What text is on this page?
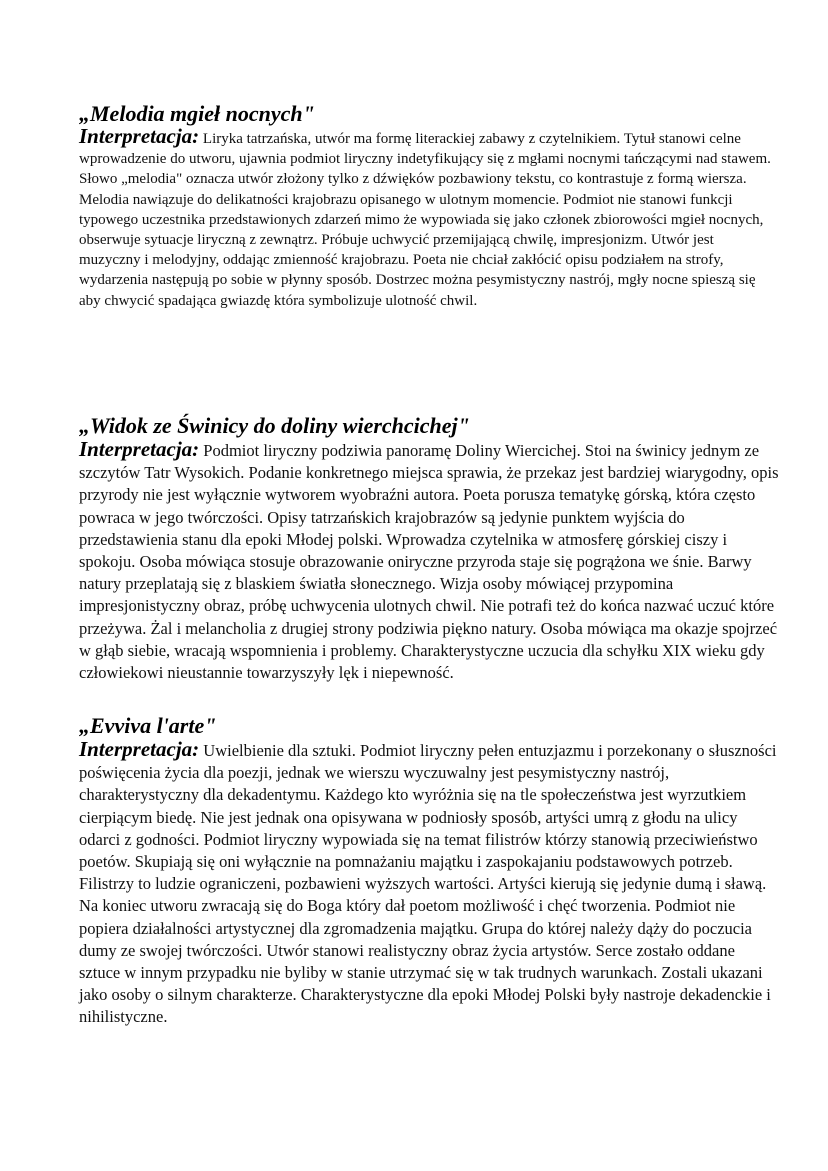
„Melodia mgieł nocnych"

Interpretacja: Liryka tatrzańska, utwór ma formę literackiej zabawy z czytelnikiem. Tytuł stanowi celne wprowadzenie do utworu, ujawnia podmiot liryczny indetyfikujący się z mgłami nocnymi tańczącymi nad stawem. Słowo „melodia" oznacza utwór złożony tylko z dźwięków pozbawiony tekstu, co kontrastuje z formą wiersza. Melodia nawiązuje do delikatności krajobrazu opisanego w ulotnym momencie. Podmiot nie stanowi funkcji typowego uczestnika przedstawionych zdarzeń mimo że wypowiada się jako członek zbiorowości mgieł nocnych, obserwuje sytuacje liryczną z zewnątrz. Próbuje uchwycić przemijającą chwilę, impresjonizm. Utwór jest muzyczny i melodyjny, oddając zmienność krajobrazu. Poeta nie chciał zakłócić opisu podziałem na strofy, wydarzenia następują po sobie w płynny sposób. Dostrzec można pesymistyczny nastrój, mgły nocne spieszą się aby chwycić spadająca gwiazdę która symbolizuje ulotność chwil.

„Widok ze Świnicy do doliny wierchcichej"

Interpretacja: Podmiot liryczny podziwia panoramę Doliny Wiercichej. Stoi na świnicy jednym ze szczytów Tatr Wysokich. Podanie konkretnego miejsca sprawia, że przekaz jest bardziej wiarygodny, opis przyrody nie jest wyłącznie wytworem wyobraźni autora. Poeta porusza tematykę górską, która często powraca w jego twórczości. Opisy tatrzańskich krajobrazów są jedynie punktem wyjścia do przedstawienia stanu dla epoki Młodej polski. Wprowadza czytelnika w atmosferę górskiej ciszy i spokoju. Osoba mówiąca stosuje obrazowanie oniryczne przyroda staje się pogrążona we śnie. Barwy natury przeplatają się z blaskiem światła słonecznego. Wizja osoby mówiącej przypomina impresjonistyczny obraz, próbę uchwycenia ulotnych chwil. Nie potrafi też do końca nazwać uczuć które przeżywa. Żal i melancholia z drugiej strony podziwia piękno natury. Osoba mówiąca ma okazje spojrzeć w głąb siebie, wracają wspomnienia i problemy. Charakterystyczne uczucia dla schyłku XIX wieku gdy człowiekowi nieustannie towarzyszyły lęk i niepewność.

„Evviva l'arte"

Interpretacja: Uwielbienie dla sztuki. Podmiot liryczny pełen entuzjazmu i porzekonany o słuszności poświęcenia życia dla poezji, jednak we wierszu wyczuwalny jest pesymistyczny nastrój, charakterystyczny dla dekadentymu. Każdego kto wyróżnia się na tle społeczeństwa jest wyrzutkiem cierpiącym biedę. Nie jest jednak ona opisywana w podniosły sposób, artyści umrą z głodu na ulicy odarci z godności. Podmiot liryczny wypowiada się na temat filistrów którzy stanowią przeciwieństwo poetów. Skupiają się oni wyłącznie na pomnażaniu majątku i zaspokajaniu podstawowych potrzeb. Filistrzy to ludzie ograniczeni, pozbawieni wyższych wartości. Artyści kierują się jedynie dumą i sławą. Na koniec utworu zwracają się do Boga który dał poetom możliwość i chęć tworzenia. Podmiot nie popiera działalności artystycznej dla zgromadzenia majątku. Grupa do której należy dąży do poczucia dumy ze swojej twórczości. Utwór stanowi realistyczny obraz życia artystów. Serce zostało oddane sztuce w innym przypadku nie byliby w stanie utrzymać się w tak trudnych warunkach. Zostali ukazani jako osoby o silnym charakterze. Charakterystyczne dla epoki Młodej Polski były nastroje dekadenckie i nihilistyczne.
